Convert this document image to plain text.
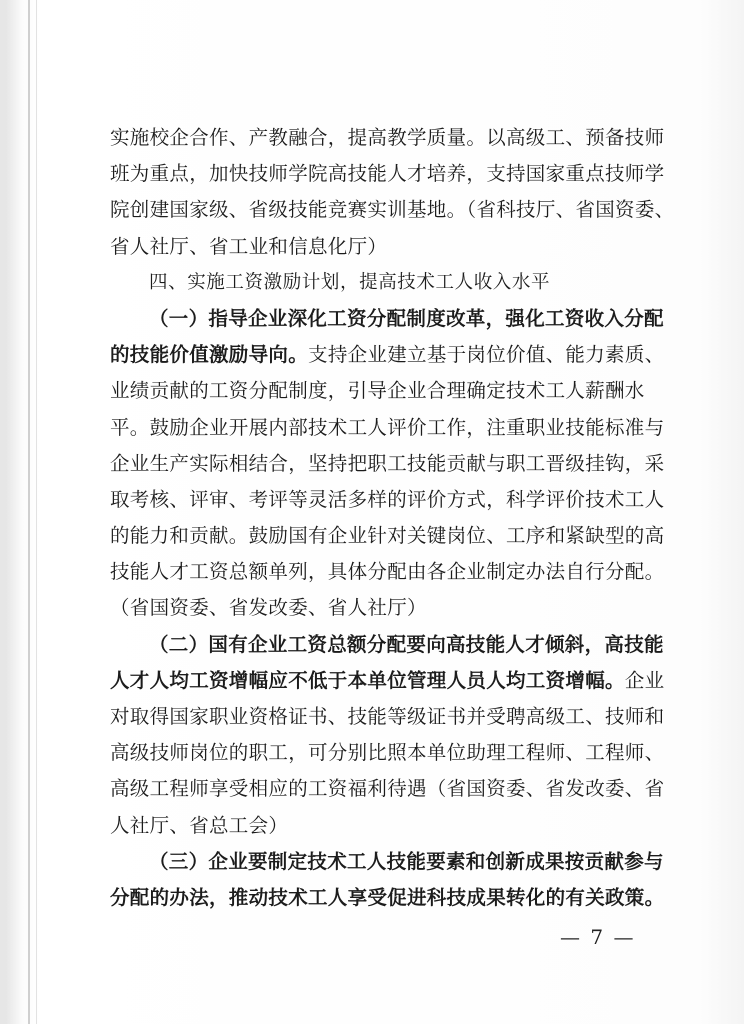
实施校企合作、产教融合，提高教学质量。以高级工、预备技师
班为重点，加快技师学院高技能人才培养，支持国家重点技师学
院创建国家级、省级技能竞赛实训基地。（省科技厅、省国资委、
省人社厅、省工业和信息化厅）
四、实施工资激励计划，提高技术工人收入水平
（一）指导企业深化工资分配制度改革，强化工资收入分配
的技能价值激励导向。支持企业建立基于岗位价值、能力素质、
业绩贡献的工资分配制度，引导企业合理确定技术工人薪酬水
平。鼓励企业开展内部技术工人评价工作，注重职业技能标准与
企业生产实际相结合，坚持把职工技能贡献与职工晋级挂钩，采
取考核、评审、考评等灵活多样的评价方式，科学评价技术工人
的能力和贡献。鼓励国有企业针对关键岗位、工序和紧缺型的高
技能人才工资总额单列，具体分配由各企业制定办法自行分配。
（省国资委、省发改委、省人社厅）
（二）国有企业工资总额分配要向高技能人才倾斜，高技能
人才人均工资增幅应不低于本单位管理人员人均工资增幅。企业
对取得国家职业资格证书、技能等级证书并受聘高级工、技师和
高级技师岗位的职工，可分别比照本单位助理工程师、工程师、
高级工程师享受相应的工资福利待遇（省国资委、省发改委、省
人社厅、省总工会）
（三）企业要制定技术工人技能要素和创新成果按贡献参与
分配的办法，推动技术工人享受促进科技成果转化的有关政策。
— 7 —
